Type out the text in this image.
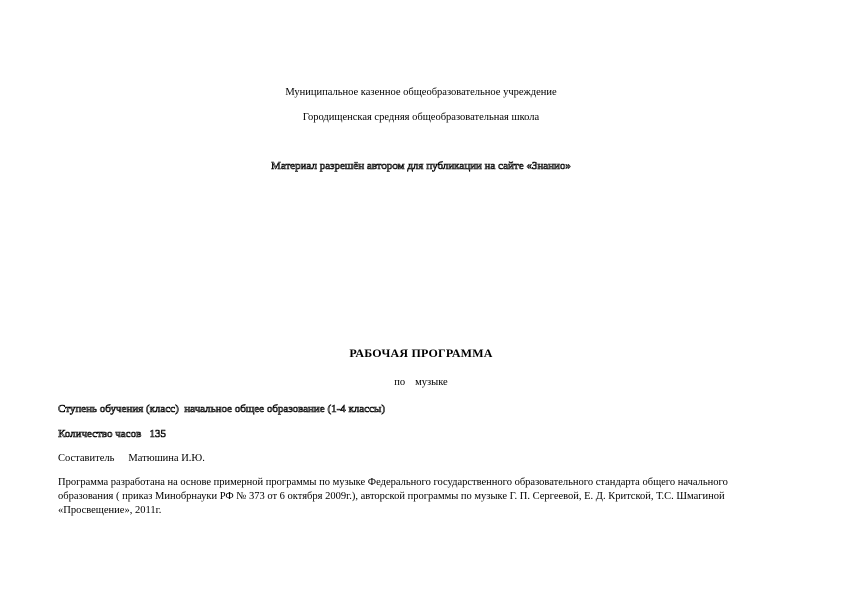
Муниципальное казенное общеобразовательное учреждение
Городищенская средняя общеобразовательная школа
Материал разрешён автором для публикации на сайте «Знанио»
РАБОЧАЯ ПРОГРАММА
по музыке
Ступень обучения (класс) начальное общее образование (1-4 классы)
Количество часов 135
Составитель Матюшина И.Ю.
Программа разработана на основе примерной программы по музыке Федерального государственного образовательного стандарта общего начального образования ( приказ Минобрнауки РФ № 373 от 6 октября 2009г.), авторской программы по музыке Г. П. Сергеевой, Е. Д. Критской, Т.С. Шмагиной «Просвещение», 2011г.
